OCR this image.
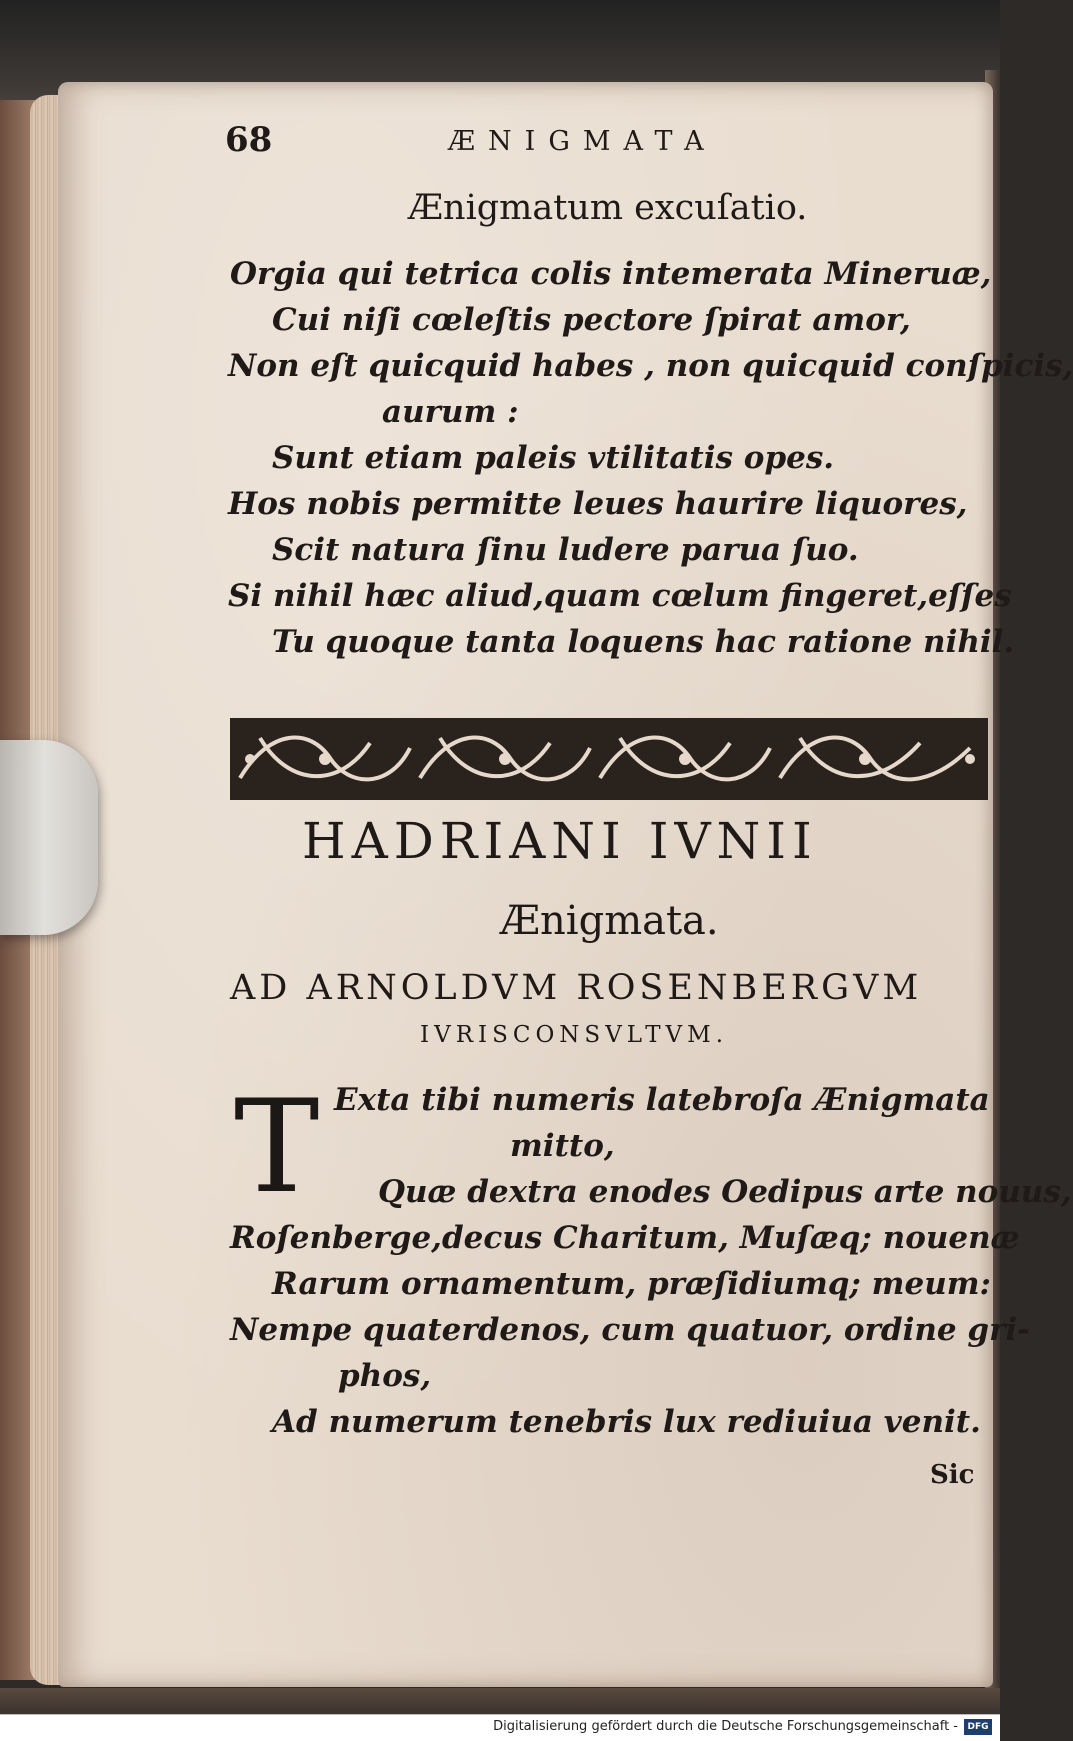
68	ÆNIGMATA
Ænigmatum excuſatio.
Orgia qui tetrica colis intemerata Mineruæ,
Cui niſi cœleſtis pectore ſpirat amor,
Non eſt quicquid habes , non quicquid conſpicis,
aurum :
Sunt etiam paleis vtilitatis opes.
Hos nobis permitte leues haurire liquores,
Scit natura ſinu ludere parua ſuo.
Si nihil hæc aliud,quam cœlum fingeret,eſſes
Tu quoque tanta loquens hac ratione nihil.
HADRIANI IVNII
Ænigmata.
AD ARNOLDVM ROSENBERGVM
IVRISCONSVLTVM.
T Exta tibi numeris latebroſa Ænigmata
mitto,
Quæ dextra enodes Oedipus arte nouus,
Roſenberge,decus Charitum, Muſæq; nouenæ
Rarum ornamentum, præſidiumq; meum:
Nempe quaterdenos, cum quatuor, ordine gri-
phos,
Ad numerum tenebris lux rediuiua venit.
Sic
Digitalisierung gefördert durch die Deutsche Forschungsgemeinschaft -	DFG
